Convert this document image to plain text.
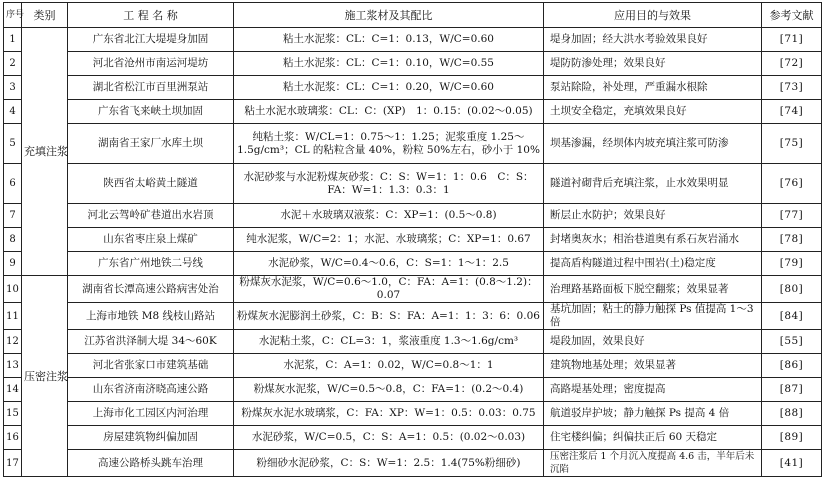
序号	类别	工 程 名 称	施工浆材及其配比	应用目的与效果	参考文献
1	充填注浆	广东省北江大堤堤身加固	粘土水泥浆：CL：C=1：0.13，W/C=0.60	堤身加固；经大洪水考验效果良好	[71]
2		河北省沧州市南运河堤坊	粘土水泥浆：CL：C=1：0.10，W/C=0.55	堤防防渗处理；效果良好	[72]
3		湖北省松江市百里洲泵站	粘土水泥浆：CL：C=1：0.20，W/C=0.60	泵站除险，补处理，严重漏水根除	[73]
4		广东省飞来峡土坝加固	粘土水泥水玻璃浆：CL：C：(XP)　1：0.15：(0.02～0.05)	土坝安全稳定，充填效果良好	[74]
5		湖南省王家厂水库土坝	纯粘土浆：W/CL=1：0.75～1：1.25；泥浆重度 1.25～1.5g/cm³；CL 的粘粒含量 40%，粉粒 50%左右，砂小于 10%	坝基渗漏，经坝体内坡充填注浆可防渗	[75]
6		陕西省太峪黄土隧道	水泥砂浆与水泥粉煤灰砂浆：C：S：W=1：1：0.6　C：S：FA：W=1：1.3：0.3：1	隧道衬砌背后充填注浆，止水效果明显	[76]
7		河北云驾岭矿巷道出水岩顶	水泥＋水玻璃双液浆：C：XP=1：(0.5～0.8)	断层止水防护；效果良好	[77]
8		山东省枣庄泉上煤矿	纯水泥浆，W/C=2：1；水泥、水玻璃浆；C：XP=1：0.67	封堵奥灰水；相治巷道奥有系石灰岩涌水	[78]
9		广东省广州地铁二号线	水泥砂浆，W/C=0.4～0.6，C：S=1：1～1：2.5	提高盾构隧道过程中围岩(土)稳定度	[79]
10	压密注浆	湖南省长潭高速公路病害处治	粉煤灰水泥浆，W/C=0.6～1.0，C：FA：A=1：(0.8～1.2)：0.07	治理路基路面板下脱空翻浆；效果显著	[80]
11		上海市地铁 M8 线枝山路站	粉煤灰水泥膨润土砂浆，C：B：S：FA：A=1：1：3：6：0.06	基坑加固；粘土的静力触探 Ps 值提高 1～3 倍	[84]
12		江苏省洪泽制大堤 34～60K	水泥粘土浆，C：CL=3：1，浆液重度 1.3～1.6g/cm³	堤段加固，效果良好	[55]
13		河北省张家口市建筑基础	水泥浆，C：A=1：0.02，W/C=0.8～1：1	建筑物地基处理；效果显著	[86]
14		山东省济南济晓高速公路	粉煤灰水泥浆，W/C=0.5～0.8，C：FA=1：(0.2～0.4)	高路堤基处理；密度提高	[87]
15		上海市化工园区内河治理	粉煤灰水泥水玻璃浆，C：FA：XP：W=1：0.5：0.03：0.75	航道驳岸护坡；静力触探 Ps 提高 4 倍	[88]
16		房屋建筑物纠偏加固	水泥砂浆，W/C=0.5，C：S：A=1：0.5：(0.02～0.03)	住宅楼纠偏；纠偏扶正后 60 天稳定	[89]
17		高速公路桥头跳车治理	粉细砂水泥砂浆，C：S：W=1：2.5：1.4(75%粉细砂)	压密注浆后 1 个月沉入度提高 4.6 击，半年后未沉陷	[41]
